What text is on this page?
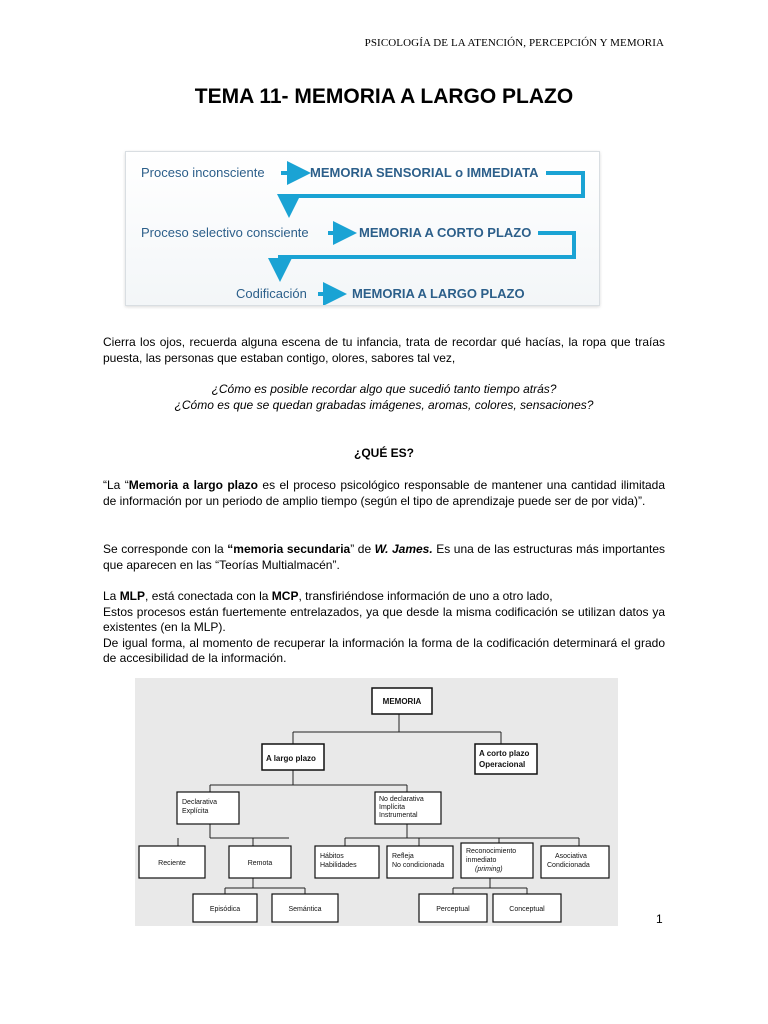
PSICOLOGÍA DE LA ATENCIÓN, PERCEPCIÓN Y MEMORIA
TEMA 11- MEMORIA A LARGO PLAZO
Proceso inconsciente	MEMORIA SENSORIAL o IMMEDIATA
Proceso selectivo consciente	MEMORIA A CORTO PLAZO
Codificación	MEMORIA A LARGO PLAZO

Cierra los ojos, recuerda alguna escena de tu infancia, trata de recordar qué hacías, la ropa que traías puesta, las personas que estaban contigo, olores, sabores tal vez,

¿Cómo es posible recordar algo que sucedió tanto tiempo atrás?
¿Cómo es que se quedan grabadas imágenes, aromas, colores, sensaciones?
¿QUÉ ES?

“La “Memoria a largo plazo es el proceso psicológico responsable de mantener una cantidad ilimitada de información por un periodo de amplio tiempo (según el tipo de aprendizaje puede ser de por vida)”.

Se corresponde con la “memoria secundaria” de W. James. Es una de las estructuras más importantes que aparecen en las “Teorías Multialmacén”.

La MLP, está conectada con la MCP, transfiriéndose información de uno a otro lado,

Estos procesos están fuertemente entrelazados, ya que desde la misma codificación se utilizan datos ya existentes (en la MLP).

De igual forma, al momento de recuperar la información la forma de la codificación determinará el grado de accesibilidad de la información.

MEMORIA
A largo plazo
A corto plazo
Operacional
Declarativa
Explícita
No declarativa
Implícita
Instrumental
Reciente	Remota
Hábitos
Habilidades
Refleja
No condicionada
Reconocimiento
inmediato
(priming)
Asociativa
Condicionada
Episódica	Semántica	Perceptual	Conceptual
1
